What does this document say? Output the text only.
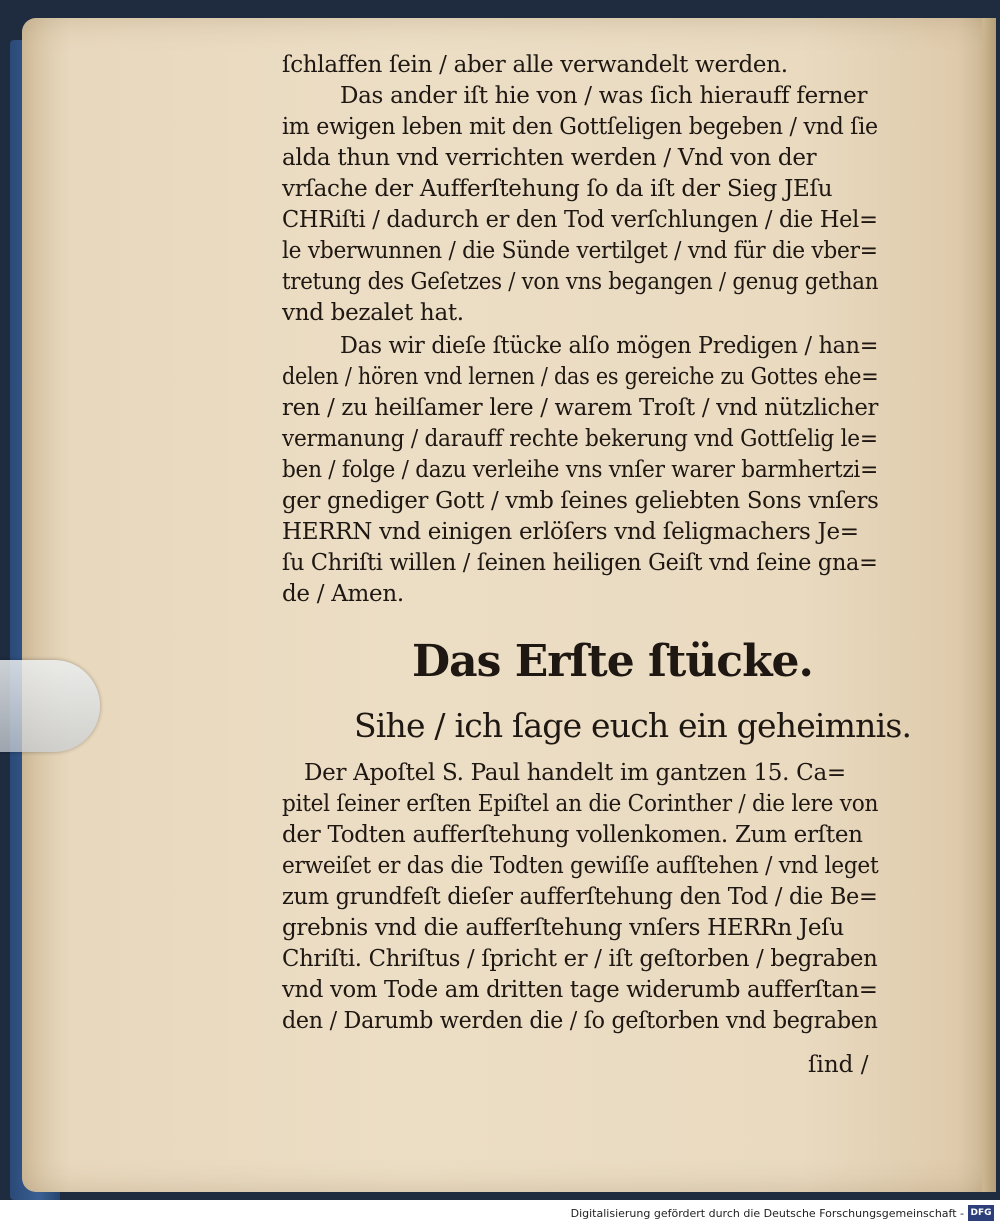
ſchlaffen ſein / aber alle verwandelt werden.
Das ander iſt hie von / was ſich hierauff ferner
im ewigen leben mit den Gottſeligen begeben / vnd ſie
alda thun vnd verrichten werden / Vnd von der
vrſache der Aufferſtehung ſo da iſt der Sieg JEſu
CHRiſti / dadurch er den Tod verſchlungen / die Hel=
le vberwunnen / die Sünde vertilget / vnd für die vber=
tretung des Geſetzes / von vns begangen / genug gethan
vnd bezalet hat.
Das wir dieſe ſtücke alſo mögen Predigen / han=
delen / hören vnd lernen / das es gereiche zu Gottes ehe=
ren / zu heilſamer lere / warem Troſt / vnd nützlicher
vermanung / darauff rechte bekerung vnd Gottſelig le=
ben / folge / dazu verleihe vns vnſer warer barmhertzi=
ger gnediger Gott / vmb ſeines geliebten Sons vnſers
HERRN vnd einigen erlöſers vnd ſeligmachers Je=
ſu Chriſti willen / ſeinen heiligen Geiſt vnd ſeine gna=
de / Amen.
Das Erſte ſtücke.
Sihe / ich ſage euch ein geheimnis.
Der Apoſtel S. Paul handelt im gantzen 15. Ca=
pitel ſeiner erſten Epiſtel an die Corinther / die lere von
der Todten aufferſtehung vollenkomen. Zum erſten
erweiſet er das die Todten gewiſſe aufſtehen / vnd leget
zum grundfeſt dieſer aufferſtehung den Tod / die Be=
grebnis vnd die aufferſtehung vnſers HERRn Jeſu
Chriſti. Chriſtus / ſpricht er / iſt geſtorben / begraben
vnd vom Tode am dritten tage widerumb aufferſtan=
den / Darumb werden die / ſo geſtorben vnd begraben
ſind /
Digitalisierung gefördert durch die Deutsche Forschungsgemeinschaft - DFG
